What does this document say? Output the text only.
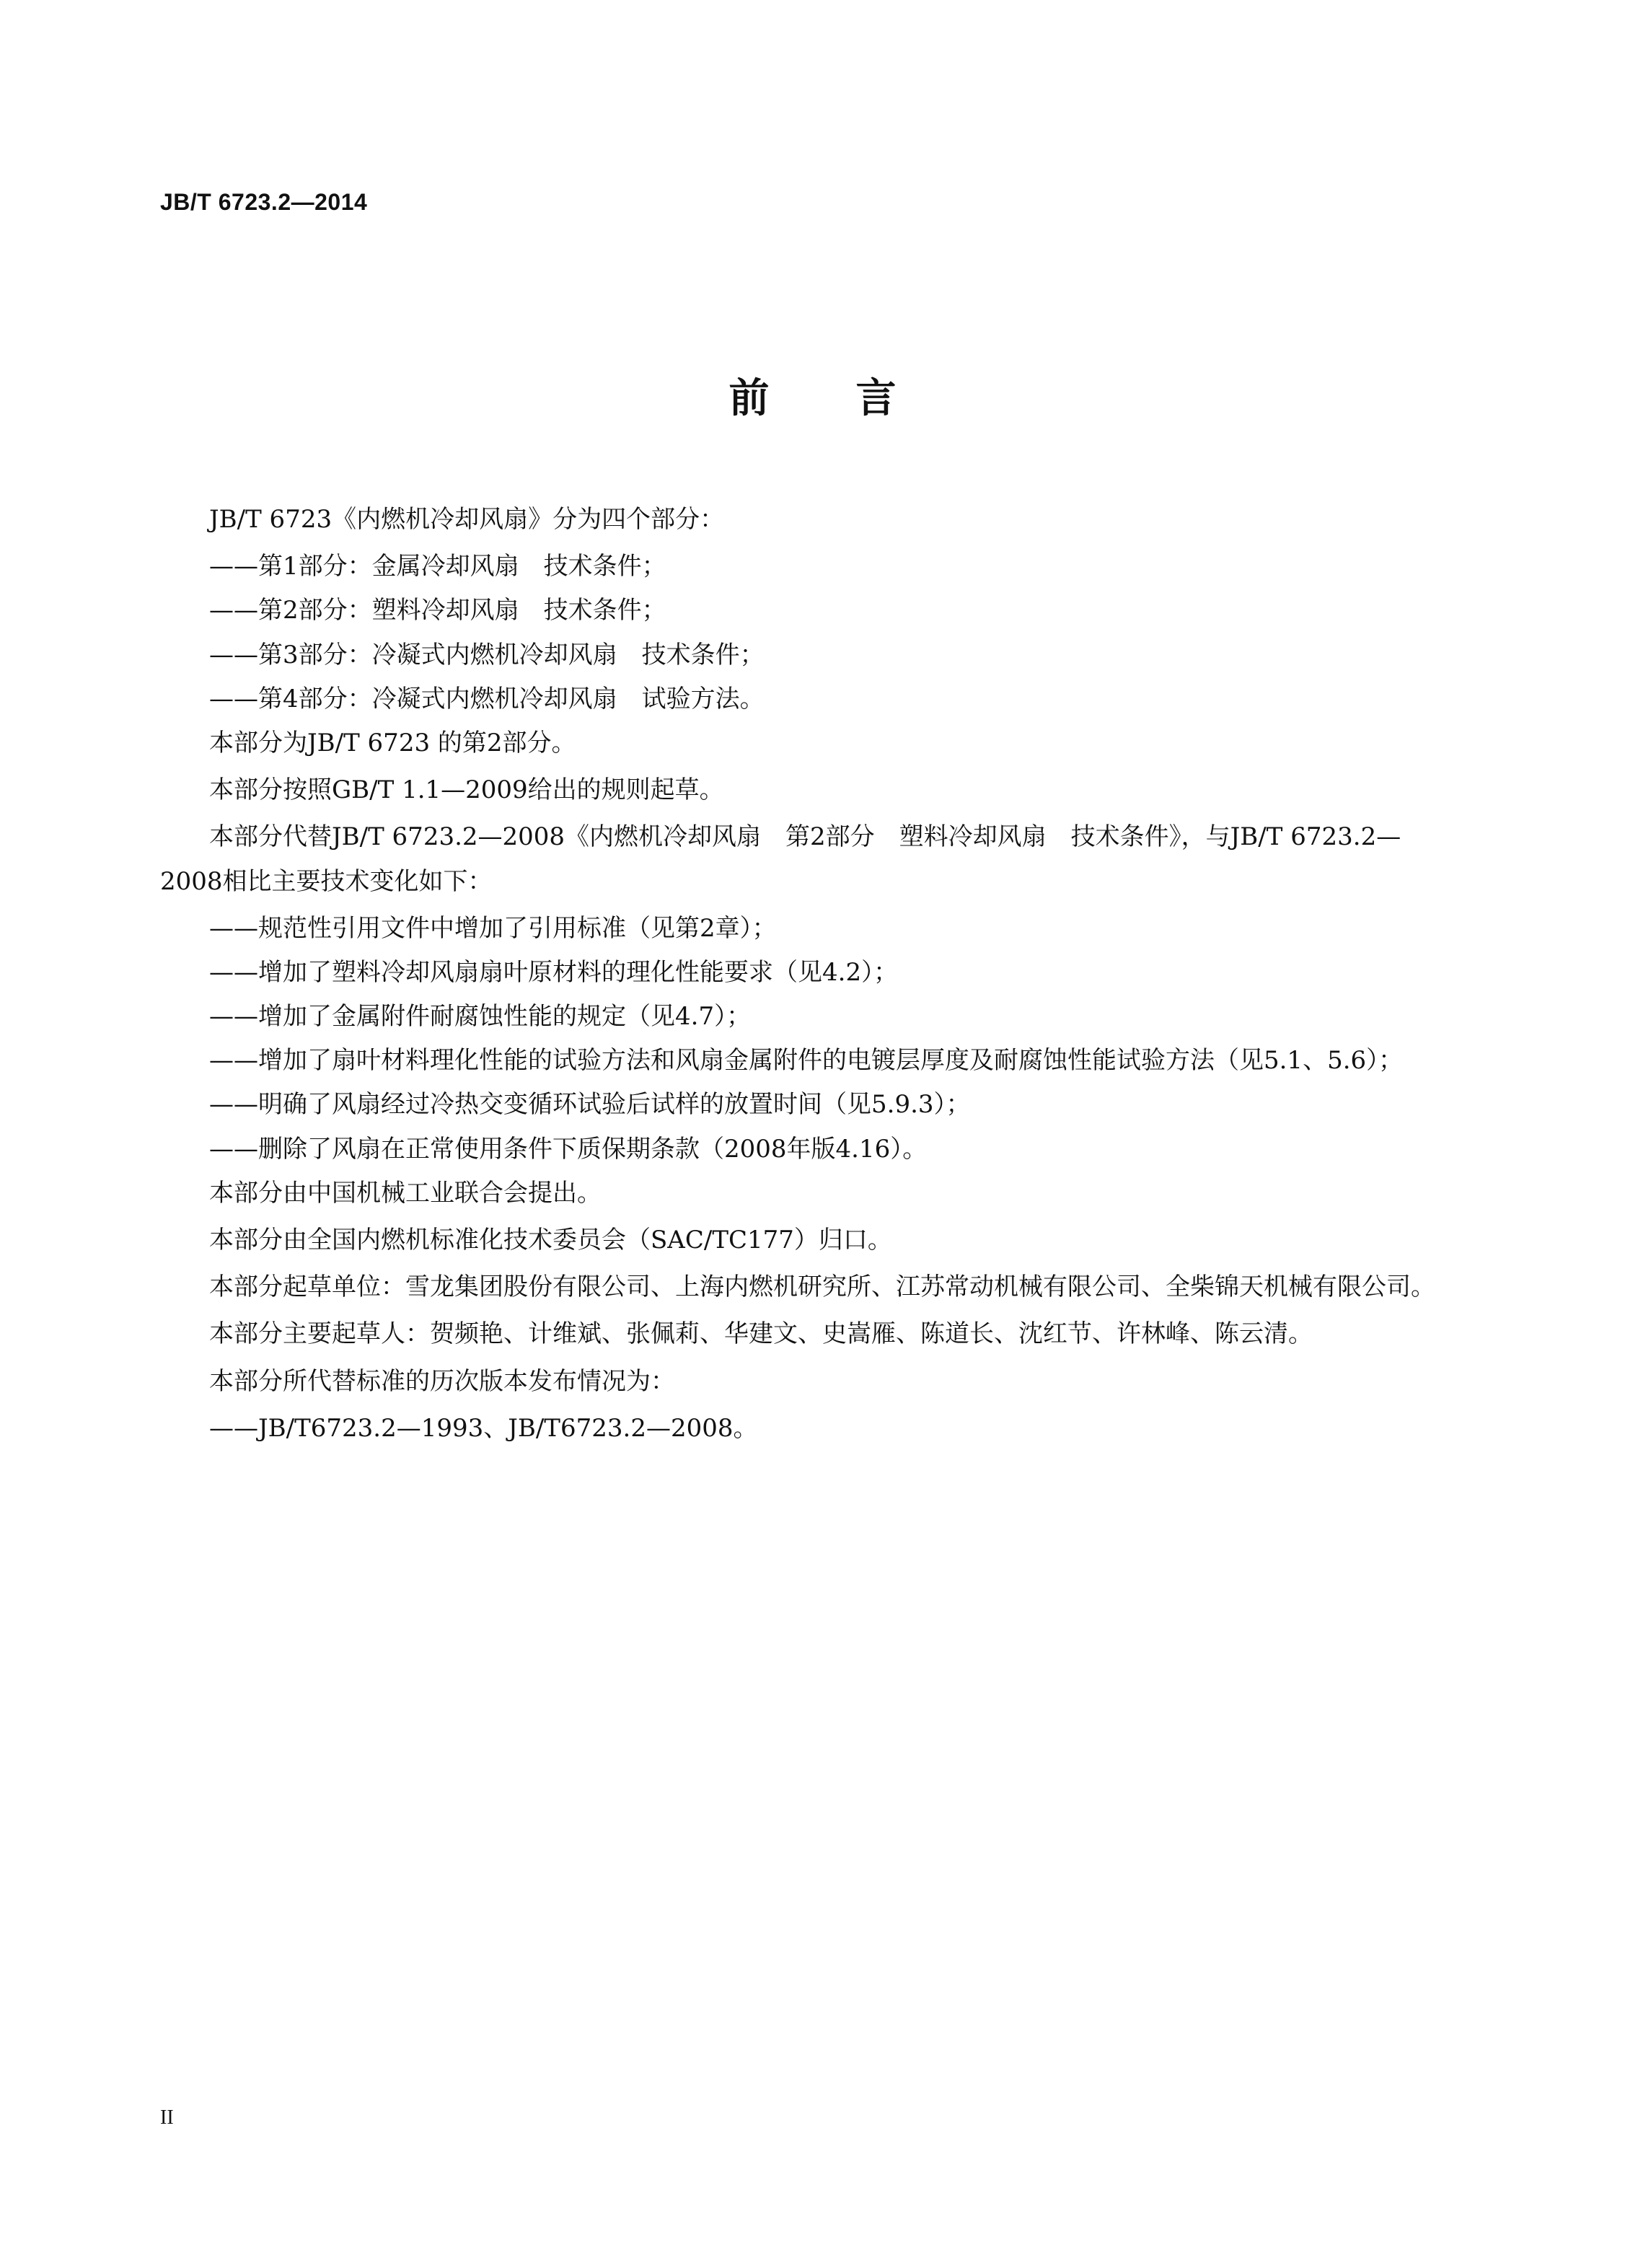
JB/T 6723.2—2014
前言

JB/T 6723《内燃机冷却风扇》分为四个部分：

——第1部分：金属冷却风扇　技术条件；
——第2部分：塑料冷却风扇　技术条件；
——第3部分：冷凝式内燃机冷却风扇　技术条件；
——第4部分：冷凝式内燃机冷却风扇　试验方法。

本部分为JB/T 6723 的第2部分。

本部分按照GB/T 1.1—2009给出的规则起草。

本部分代替JB/T 6723.2—2008《内燃机冷却风扇　第2部分　塑料冷却风扇　技术条件》，与JB/T 6723.2—2008相比主要技术变化如下：

——规范性引用文件中增加了引用标准（见第2章）；
——增加了塑料冷却风扇扇叶原材料的理化性能要求（见4.2）；
——增加了金属附件耐腐蚀性能的规定（见4.7）；
——增加了扇叶材料理化性能的试验方法和风扇金属附件的电镀层厚度及耐腐蚀性能试验方法（见5.1、5.6）；
——明确了风扇经过冷热交变循环试验后试样的放置时间（见5.9.3）；
——删除了风扇在正常使用条件下质保期条款（2008年版4.16）。

本部分由中国机械工业联合会提出。

本部分由全国内燃机标准化技术委员会（SAC/TC177）归口。

本部分起草单位：雪龙集团股份有限公司、上海内燃机研究所、江苏常动机械有限公司、全柴锦天机械有限公司。

本部分主要起草人：贺频艳、计维斌、张佩莉、华建文、史嵩雁、陈道长、沈红节、许林峰、陈云清。

本部分所代替标准的历次版本发布情况为：

——JB/T6723.2—1993、JB/T6723.2—2008。
II
